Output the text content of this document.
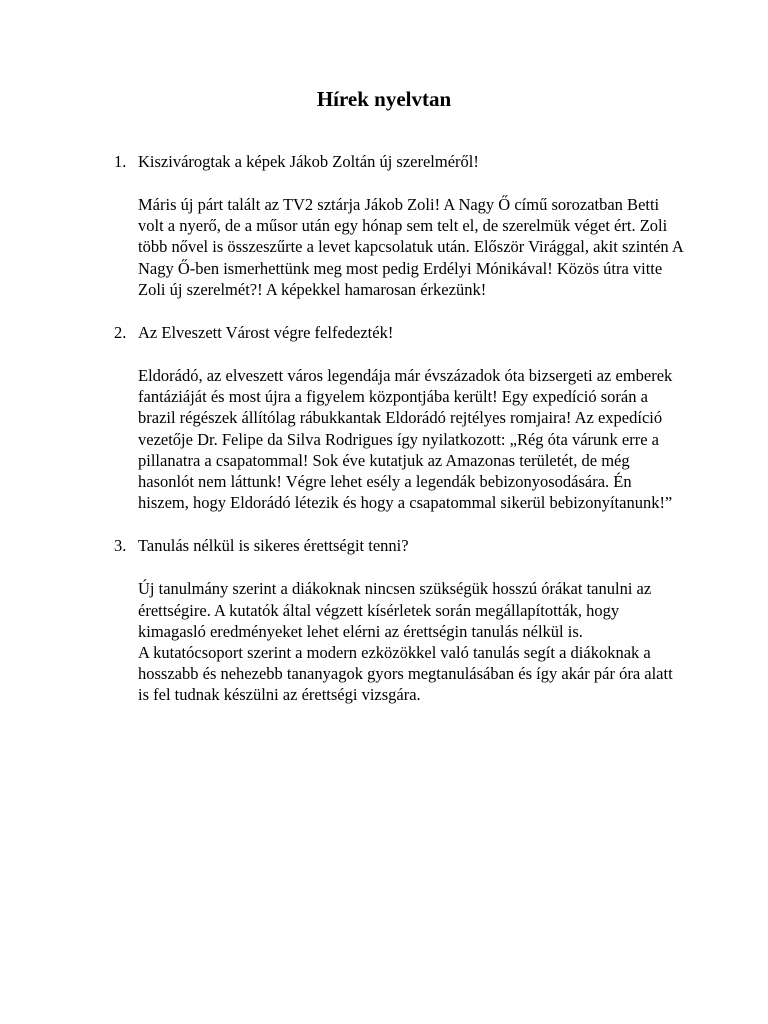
Hírek nyelvtan
1. Kiszivárogtak a képek Jákob Zoltán új szerelméről!

Máris új párt talált az TV2 sztárja Jákob Zoli! A Nagy Ő című sorozatban Betti volt a nyerő, de a műsor után egy hónap sem telt el, de szerelmük véget ért. Zoli több nővel is összeszűrte a levet kapcsolatuk után. Először Virággal, akit szintén A Nagy Ő-ben ismerhettünk meg most pedig Erdélyi Mónikával! Közös útra vitte Zoli új szerelmét?! A képekkel hamarosan érkezünk!

2. Az Elveszett Várost végre felfedezték!

Eldorádó, az elveszett város legendája már évszázadok óta bizsergeti az emberek fantáziáját és most újra a figyelem központjába került! Egy expedíció során a brazil régészek állítólag rábukkantak Eldorádó rejtélyes romjaira! Az expedíció vezetője Dr. Felipe da Silva Rodrigues így nyilatkozott: „Rég óta várunk erre a pillanatra a csapatommal! Sok éve kutatjuk az Amazonas területét, de még hasonlót nem láttunk! Végre lehet esély a legendák bebizonyosodására. Én hiszem, hogy Eldorádó létezik és hogy a csapatommal sikerül bebizonyítanunk!”

3. Tanulás nélkül is sikeres érettségit tenni?

Új tanulmány szerint a diákoknak nincsen szükségük hosszú órákat tanulni az érettségire. A kutatók által végzett kísérletek során megállapították, hogy kimagasló eredményeket lehet elérni az érettségin tanulás nélkül is.

A kutatócsoport szerint a modern ezközökkel való tanulás segít a diákoknak a hosszabb és nehezebb tananyagok gyors megtanulásában és így akár pár óra alatt is fel tudnak készülni az érettségi vizsgára.
